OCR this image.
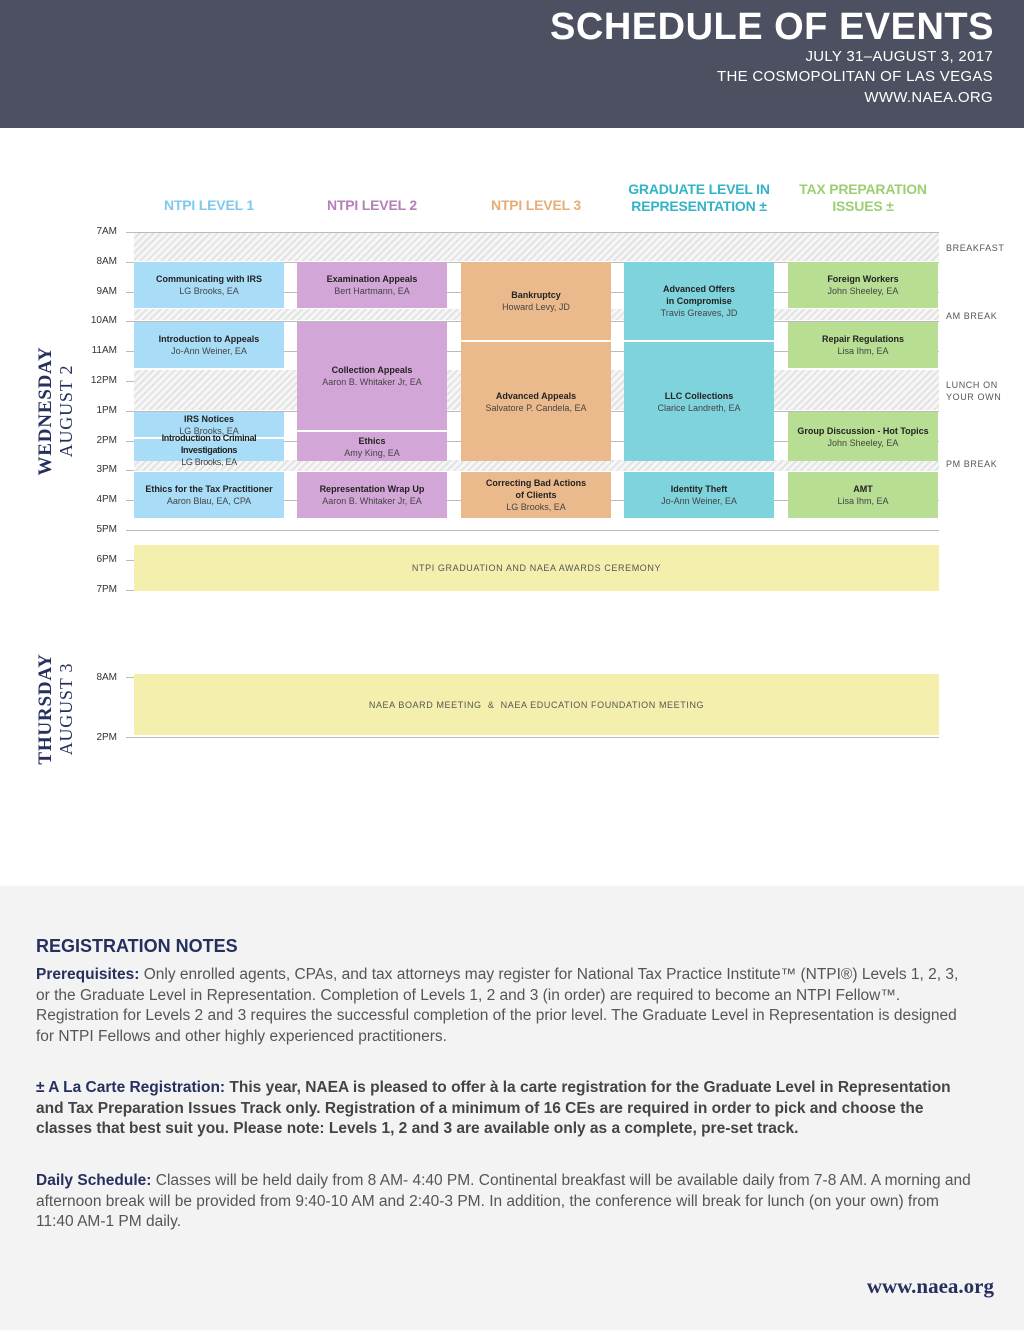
SCHEDULE OF EVENTS
JULY 31–AUGUST 3, 2017
THE COSMOPOLITAN OF LAS VEGAS
WWW.NAEA.ORG
NTPI LEVEL 1	NTPI LEVEL 2	NTPI LEVEL 3
GRADUATE LEVEL IN
REPRESENTATION ±
TAX PREPARATION
ISSUES ±
7AM
8AM
9AM
10AM
11AM
12PM
1PM
2PM
3PM
4PM
5PM
6PM
7PM
BREAKFAST
AM BREAK
LUNCH ON
YOUR OWN
PM BREAK
Communicating with IRS
LG Brooks, EA
Introduction to Appeals
Jo-Ann Weiner, EA
IRS Notices
LG Brooks, EA
Introduction to Criminal Investigations
LG Brooks, EA
Ethics for the Tax Practitioner
Aaron Blau, EA, CPA
Examination Appeals
Bert Hartmann, EA
Collection Appeals
Aaron B. Whitaker Jr, EA
Ethics
Amy King, EA
Representation Wrap Up
Aaron B. Whitaker Jr, EA
Bankruptcy
Howard Levy, JD
Advanced Appeals
Salvatore P. Candela, EA
Correcting Bad Actions
of Clients
LG Brooks, EA
Advanced Offers
in Compromise
Travis Greaves, JD
LLC Collections
Clarice Landreth, EA
Identity Theft
Jo-Ann Weiner, EA
Foreign Workers
John Sheeley, EA
Repair Regulations
Lisa Ihm, EA
Group Discussion - Hot Topics
John Sheeley, EA
AMT
Lisa Ihm, EA
NTPI GRADUATION AND NAEA AWARDS CEREMONY
WEDNESDAY AUGUST 2
8AM
2PM
NAEA BOARD MEETING  &  NAEA EDUCATION FOUNDATION MEETING
THURSDAY AUGUST 3
REGISTRATION NOTES
Prerequisites: Only enrolled agents, CPAs, and tax attorneys may register for National Tax Practice Institute™ (NTPI®) Levels 1, 2, 3, or the Graduate Level in Representation. Completion of Levels 1, 2 and 3 (in order) are required to become an NTPI Fellow™. Registration for Levels 2 and 3 requires the successful completion of the prior level. The Graduate Level in Representation is designed for NTPI Fellows and other highly experienced practitioners.
± A La Carte Registration: This year, NAEA is pleased to offer à la carte registration for the Graduate Level in Representation and Tax Preparation Issues Track only. Registration of a minimum of 16 CEs are required in order to pick and choose the classes that best suit you. Please note: Levels 1, 2 and 3 are available only as a complete, pre-set track.
Daily Schedule: Classes will be held daily from 8 AM- 4:40 PM. Continental breakfast will be available daily from 7-8 AM. A morning and afternoon break will be provided from 9:40-10 AM and 2:40-3 PM. In addition, the conference will break for lunch (on your own) from 11:40 AM-1 PM daily.
www.naea.org
